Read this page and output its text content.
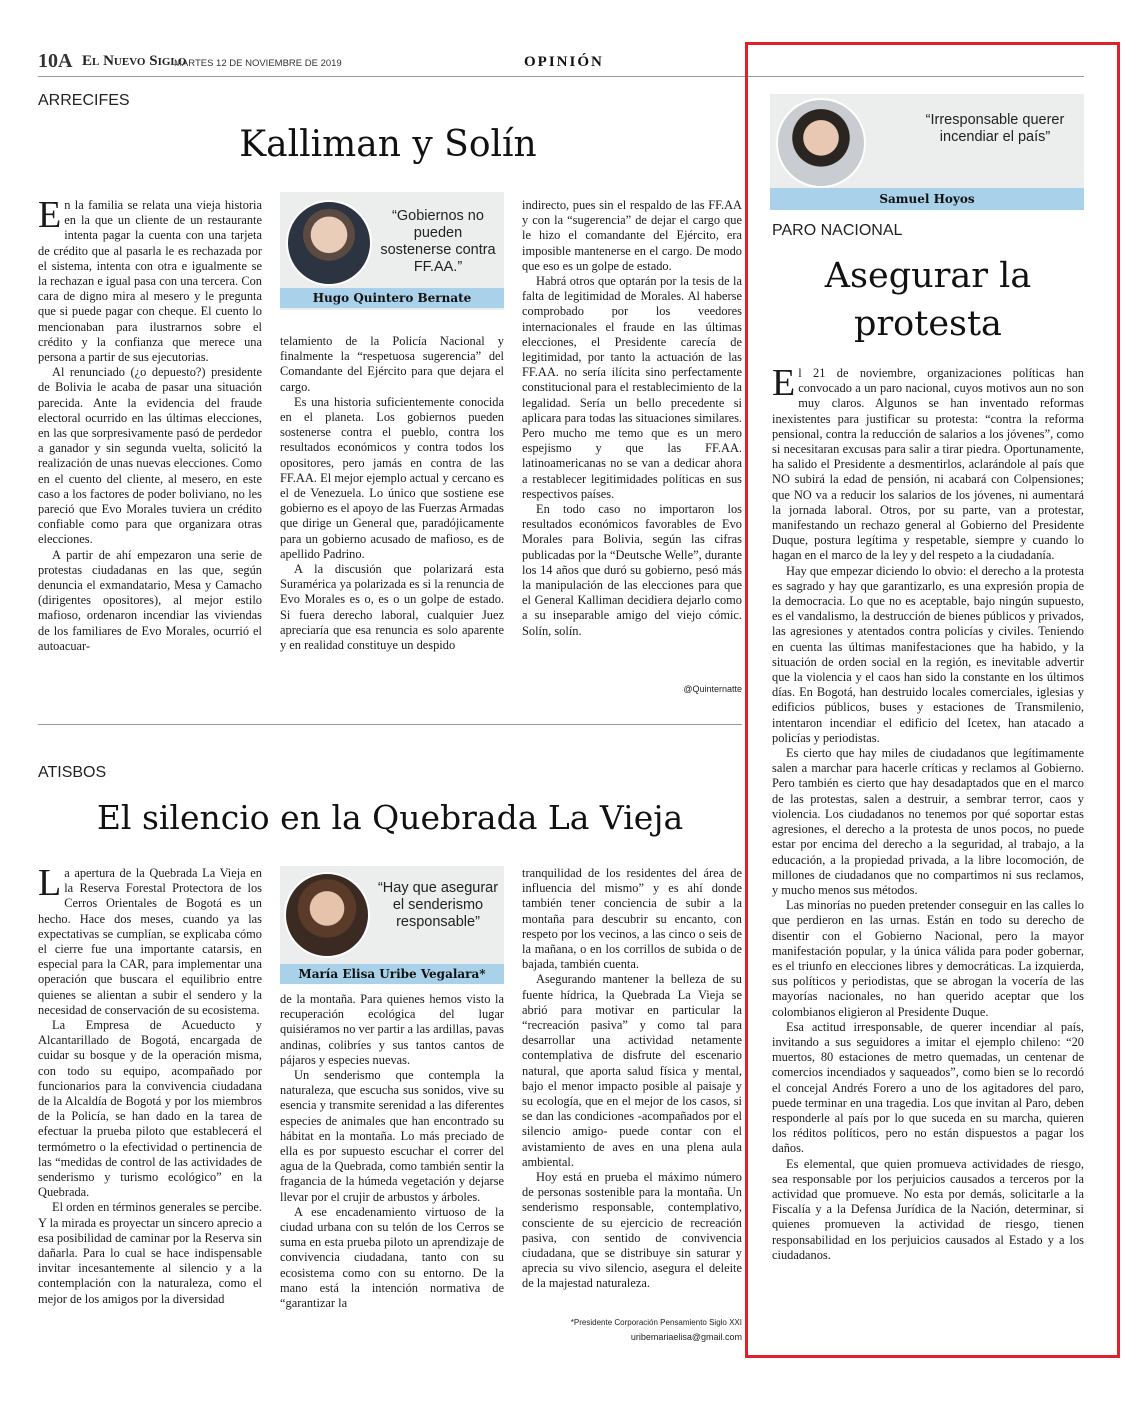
10A El Nuevo Siglo
MARTES 12 DE NOVIEMBRE DE 2019	OPINIÓN
ARRECIFES
Kalliman y Solín

En la familia se relata una vieja historia en la que un cliente de un restaurante intenta pagar la cuenta con una tarjeta de crédito que al pasarla le es rechazada por el sistema, intenta con otra e igualmente se la rechazan e igual pasa con una tercera. Con cara de digno mira al mesero y le pregunta que si puede pagar con cheque. El cuento lo mencionaban para ilustrarnos sobre el crédito y la confianza que merece una persona a partir de sus ejecutorias.

Al renunciado (¿o depuesto?) presidente de Bolivia le acaba de pasar una situación parecida. Ante la evidencia del fraude electoral ocurrido en las últimas elecciones, en las que sorpresivamente pasó de perdedor a ganador y sin segunda vuelta, solicitó la realización de unas nuevas elecciones. Como en el cuento del cliente, al mesero, en este caso a los factores de poder boliviano, no les pareció que Evo Morales tuviera un crédito confiable como para que organizara otras elecciones.

A partir de ahí empezaron una serie de protestas ciudadanas en las que, según denuncia el exmandatario, Mesa y Camacho (dirigentes opositores), al mejor estilo mafioso, ordenaron incendiar las viviendas de los familiares de Evo Morales, ocurrió el autoacuar-

“Gobiernos no pueden sostenerse contra FF.AA.”
Hugo Quintero Bernate

telamiento de la Policía Nacional y finalmente la “respetuosa sugerencia” del Comandante del Ejército para que dejara el cargo.

Es una historia suficientemente conocida en el planeta. Los gobiernos pueden sostenerse contra el pueblo, contra los resultados económicos y contra todos los opositores, pero jamás en contra de las FF.AA. El mejor ejemplo actual y cercano es el de Venezuela. Lo único que sostiene ese gobierno es el apoyo de las Fuerzas Armadas que dirige un General que, paradójicamente para un gobierno acusado de mafioso, es de apellido Padrino.

A la discusión que polarizará esta Suramérica ya polarizada es si la renuncia de Evo Morales es o, es o un golpe de estado. Si fuera derecho laboral, cualquier Juez apreciaría que esa renuncia es solo aparente y en realidad constituye un despido

indirecto, pues sin el respaldo de las FF.AA y con la “sugerencia” de dejar el cargo que le hizo el comandante del Ejército, era imposible mantenerse en el cargo. De modo que eso es un golpe de estado.

Habrá otros que optarán por la tesis de la falta de legitimidad de Morales. Al haberse comprobado por los veedores internacionales el fraude en las últimas elecciones, el Presidente carecía de legitimidad, por tanto la actuación de las FF.AA. no sería ilícita sino perfectamente constitucional para el restablecimiento de la legalidad. Sería un bello precedente si aplicara para todas las situaciones similares. Pero mucho me temo que es un mero espejismo y que las FF.AA. latinoamericanas no se van a dedicar ahora a restablecer legitimidades políticas en sus respectivos países.

En todo caso no importaron los resultados económicos favorables de Evo Morales para Bolivia, según las cifras publicadas por la “Deutsche Welle”, durante los 14 años que duró su gobierno, pesó más la manipulación de las elecciones para que el General Kalliman decidiera dejarlo como a su inseparable amigo del viejo cómic. Solín, solín.

@Quinternatte
ATISBOS
El silencio en la Quebrada La Vieja

La apertura de la Quebrada La Vieja en la Reserva Forestal Protectora de los Cerros Orientales de Bogotá es un hecho. Hace dos meses, cuando ya las expectativas se cumplían, se explicaba cómo el cierre fue una importante catarsis, en especial para la CAR, para implementar una operación que buscara el equilibrio entre quienes se alientan a subir el sendero y la necesidad de conservación de su ecosistema.

La Empresa de Acueducto y Alcantarillado de Bogotá, encargada de cuidar su bosque y de la operación misma, con todo su equipo, acompañado por funcionarios para la convivencia ciudadana de la Alcaldía de Bogotá y por los miembros de la Policía, se han dado en la tarea de efectuar la prueba piloto que establecerá el termómetro o la efectividad o pertinencia de las “medidas de control de las actividades de senderismo y turismo ecológico” en la Quebrada.

El orden en términos generales se percibe. Y la mirada es proyectar un sincero aprecio a esa posibilidad de caminar por la Reserva sin dañarla. Para lo cual se hace indispensable invitar incesantemente al silencio y a la contemplación con la naturaleza, como el mejor de los amigos por la diversidad

“Hay que asegurar el senderismo responsable”
María Elisa Uribe Vegalara*

de la montaña. Para quienes hemos visto la recuperación ecológica del lugar quisiéramos no ver partir a las ardillas, pavas andinas, colibríes y sus tantos cantos de pájaros y especies nuevas.

Un senderismo que contempla la naturaleza, que escucha sus sonidos, vive su esencia y transmite serenidad a las diferentes especies de animales que han encontrado su hábitat en la montaña. Lo más preciado de ella es por supuesto escuchar el correr del agua de la Quebrada, como también sentir la fragancia de la húmeda vegetación y dejarse llevar por el crujir de arbustos y árboles.

A ese encadenamiento virtuoso de la ciudad urbana con su telón de los Cerros se suma en esta prueba piloto un aprendizaje de convivencia ciudadana, tanto con su ecosistema como con su entorno. De la mano está la intención normativa de “garantizar la

tranquilidad de los residentes del área de influencia del mismo” y es ahí donde también tener conciencia de subir a la montaña para descubrir su encanto, con respeto por los vecinos, a las cinco o seis de la mañana, o en los corrillos de subida o de bajada, también cuenta.

Asegurando mantener la belleza de su fuente hídrica, la Quebrada La Vieja se abrió para motivar en particular la “recreación pasiva” y como tal para desarrollar una actividad netamente contemplativa de disfrute del escenario natural, que aporta salud física y mental, bajo el menor impacto posible al paisaje y su ecología, que en el mejor de los casos, si se dan las condiciones -acompañados por el silencio amigo- puede contar con el avistamiento de aves en una plena aula ambiental.

Hoy está en prueba el máximo número de personas sostenible para la montaña. Un senderismo responsable, contemplativo, consciente de su ejercicio de recreación pasiva, con sentido de convivencia ciudadana, que se distribuye sin saturar y aprecia su vivo silencio, asegura el deleite de la majestad naturaleza.

*Presidente Corporación Pensamiento Siglo XXI
uribemariaelisa@gmail.com
“Irresponsable querer incendiar el país”
Samuel Hoyos
PARO NACIONAL
Asegurar la protesta

El 21 de noviembre, organizaciones políticas han convocado a un paro nacional, cuyos motivos aun no son muy claros. Algunos se han inventado reformas inexistentes para justificar su protesta: “contra la reforma pensional, contra la reducción de salarios a los jóvenes”, como si necesitaran excusas para salir a tirar piedra. Oportunamente, ha salido el Presidente a desmentirlos, aclarándole al país que NO subirá la edad de pensión, ni acabará con Colpensiones; que NO va a reducir los salarios de los jóvenes, ni aumentará la jornada laboral. Otros, por su parte, van a protestar, manifestando un rechazo general al Gobierno del Presidente Duque, postura legítima y respetable, siempre y cuando lo hagan en el marco de la ley y del respeto a la ciudadanía.

Hay que empezar diciendo lo obvio: el derecho a la protesta es sagrado y hay que garantizarlo, es una expresión propia de la democracia. Lo que no es aceptable, bajo ningún supuesto, es el vandalismo, la destrucción de bienes públicos y privados, las agresiones y atentados contra policías y civiles. Teniendo en cuenta las últimas manifestaciones que ha habido, y la situación de orden social en la región, es inevitable advertir que la violencia y el caos han sido la constante en los últimos días. En Bogotá, han destruido locales comerciales, iglesias y edificios públicos, buses y estaciones de Transmilenio, intentaron incendiar el edificio del Icetex, han atacado a policías y periodistas.

Es cierto que hay miles de ciudadanos que legítimamente salen a marchar para hacerle críticas y reclamos al Gobierno. Pero también es cierto que hay desadaptados que en el marco de las protestas, salen a destruir, a sembrar terror, caos y violencia. Los ciudadanos no tenemos por qué soportar estas agresiones, el derecho a la protesta de unos pocos, no puede estar por encima del derecho a la seguridad, al trabajo, a la educación, a la propiedad privada, a la libre locomoción, de millones de ciudadanos que no compartimos ni sus reclamos, y mucho menos sus métodos.

Las minorías no pueden pretender conseguir en las calles lo que perdieron en las urnas. Están en todo su derecho de disentir con el Gobierno Nacional, pero la mayor manifestación popular, y la única válida para poder gobernar, es el triunfo en elecciones libres y democráticas. La izquierda, sus políticos y periodistas, que se abrogan la vocería de las mayorías nacionales, no han querido aceptar que los colombianos eligieron al Presidente Duque.

Esa actitud irresponsable, de querer incendiar al país, invitando a sus seguidores a imitar el ejemplo chileno: “20 muertos, 80 estaciones de metro quemadas, un centenar de comercios incendiados y saqueados”, como bien se lo recordó el concejal Andrés Forero a uno de los agitadores del paro, puede terminar en una tragedia. Los que invitan al Paro, deben responderle al país por lo que suceda en su marcha, quieren los réditos políticos, pero no están dispuestos a pagar los daños.

Es elemental, que quien promueva actividades de riesgo, sea responsable por los perjuicios causados a terceros por la actividad que promueve. No esta por demás, solicitarle a la Fiscalía y a la Defensa Jurídica de la Nación, determinar, si quienes promueven la actividad de riesgo, tienen responsabilidad en los perjuicios causados al Estado y a los ciudadanos.
